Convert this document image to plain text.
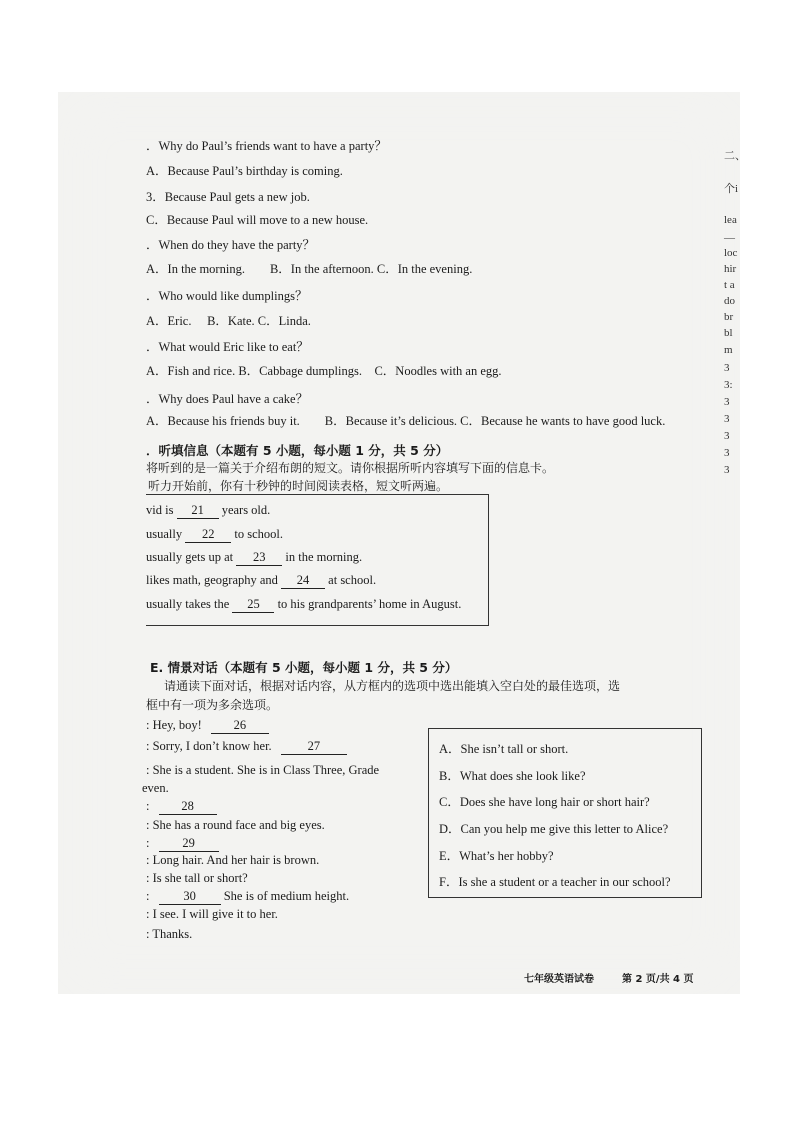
．Why do Paul’s friends want to have a party？
A．Because Paul’s birthday is coming.
3．Because Paul gets a new job.
C．Because Paul will move to a new house.
．When do they have the party？
A．In the morning.　　B．In the afternoon. C．In the evening.
．Who would like dumplings？
A．Eric.　 B．Kate. C．Linda.
．What would Eric like to eat？
A．Fish and rice. B．Cabbage dumplings.　C．Noodles with an egg.
．Why does Paul have a cake？
A．Because his friends buy it.　　B．Because it’s delicious. C．Because he wants to have good luck.
．听填信息（本题有 5 小题，每小题 1 分，共 5 分）
将听到的是一篇关于介绍布朗的短文。请你根据所听内容填写下面的信息卡。
听力开始前，你有十秒钟的时间阅读表格，短文听两遍。
vid is 21 years old.
usually 22 to school.
usually gets up at 23 in the morning.
likes math, geography and 24 at school.
usually takes the 25 to his grandparents’ home in August.
E. 情景对话（本题有 5 小题，每小题 1 分，共 5 分）
请通读下面对话，根据对话内容，从方框内的选项中选出能填入空白处的最佳选项，选
框中有一项为多余选项。
: Hey, boy!	26
: Sorry, I don’t know her.	27
: She is a student. She is in Class Three, Grade
even.
:	28
: She has a round face and big eyes.
:	29
: Long hair. And her hair is brown.
: Is she tall or short?
:	30 She is of medium height.
: I see. I will give it to her.
: Thanks.
A．She isn’t tall or short.
B．What does she look like?
C．Does she have long hair or short hair?
D．Can you help me give this letter to Alice?
E．What’s her hobby?
F．Is she a student or a teacher in our school?
二、
个i
lea
—
loc
hir
t a
do
br
bl
m
3
3:
3
3
3
3
3
七年级英语试卷	第 2 页/共 4 页
